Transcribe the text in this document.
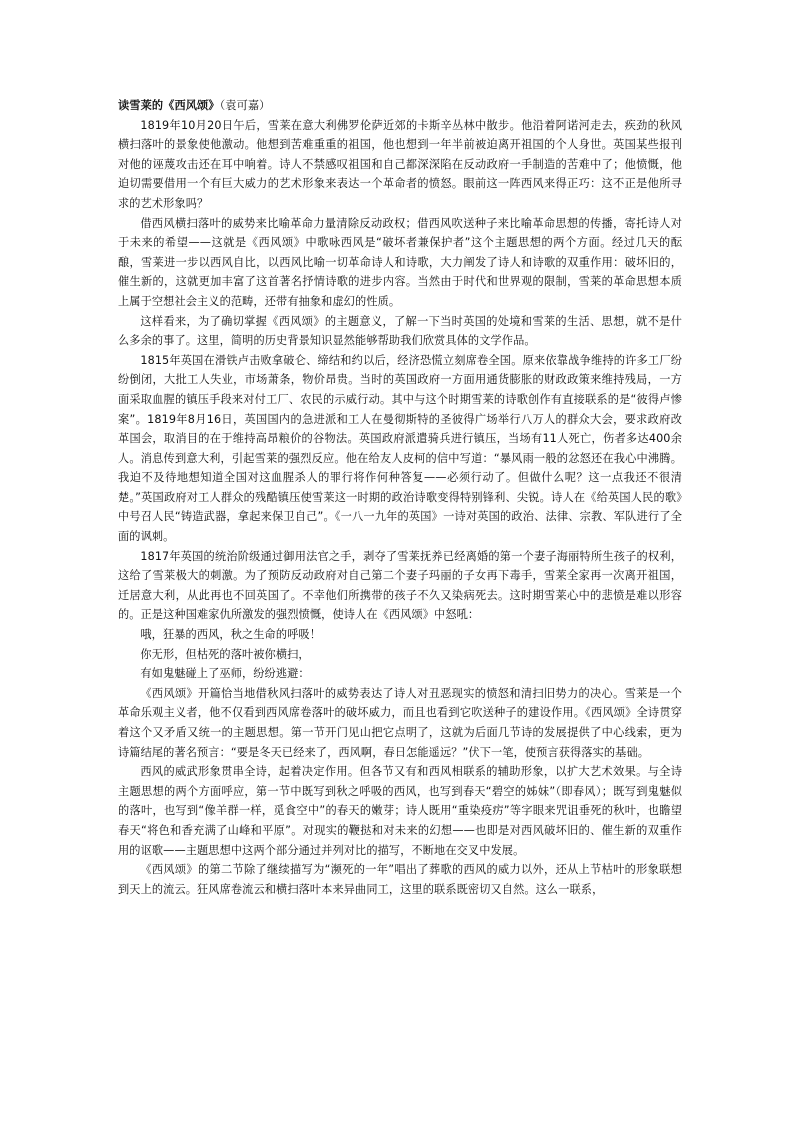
读雪莱的《西风颂》（袁可嘉）

1819年10月20日午后，雪莱在意大利佛罗伦萨近郊的卡斯辛丛林中散步。他沿着阿诺河走去，疾劲的秋风横扫落叶的景象使他激动。他想到苦难重重的祖国，他也想到一年半前被迫离开祖国的个人身世。英国某些报刊对他的诬蔑攻击还在耳中响着。诗人不禁感叹祖国和自己都深深陷在反动政府一手制造的苦难中了；他愤慨，他迫切需要借用一个有巨大威力的艺术形象来表达一个革命者的愤怒。眼前这一阵西风来得正巧：这不正是他所寻求的艺术形象吗？

借西风横扫落叶的威势来比喻革命力量清除反动政权；借西风吹送种子来比喻革命思想的传播，寄托诗人对于未来的希望——这就是《西风颂》中歌咏西风是“破坏者兼保护者”这个主题思想的两个方面。经过几天的酝酿，雪莱进一步以西风自比，以西风比喻一切革命诗人和诗歌，大力阐发了诗人和诗歌的双重作用：破坏旧的，催生新的，这就更加丰富了这首著名抒情诗歌的进步内容。当然由于时代和世界观的限制，雪莱的革命思想本质上属于空想社会主义的范畴，还带有抽象和虚幻的性质。

这样看来，为了确切掌握《西风颂》的主题意义，了解一下当时英国的处境和雪莱的生活、思想，就不是什么多余的事了。这里，简明的历史背景知识显然能够帮助我们欣赏具体的文学作品。

1815年英国在滑铁卢击败拿破仑、缔结和约以后，经济恐慌立刻席卷全国。原来依靠战争维持的许多工厂纷纷倒闭，大批工人失业，市场萧条，物价昂贵。当时的英国政府一方面用通货膨胀的财政政策来维持残局，一方面采取血腥的镇压手段来对付工厂、农民的示威行动。其中与这个时期雪莱的诗歌创作有直接联系的是“彼得卢惨案”。1819年8月16日，英国国内的急进派和工人在曼彻斯特的圣彼得广场举行八万人的群众大会，要求政府改革国会，取消目的在于维持高昂粮价的谷物法。英国政府派遣骑兵进行镇压，当场有11人死亡，伤者多达400余人。消息传到意大利，引起雪莱的强烈反应。他在给友人皮柯的信中写道：“暴风雨一般的忿怒还在我心中沸腾。我迫不及待地想知道全国对这血腥杀人的罪行将作何种答复——必须行动了。但做什么呢？这一点我还不很清楚。”英国政府对工人群众的残酷镇压使雪莱这一时期的政治诗歌变得特别锋利、尖锐。诗人在《给英国人民的歌》中号召人民“铸造武器，拿起来保卫自己”。《一八一九年的英国》一诗对英国的政治、法律、宗教、军队进行了全面的讽刺。

1817年英国的统治阶级通过御用法官之手，剥夺了雪莱抚养已经离婚的第一个妻子海丽特所生孩子的权利，这给了雪莱极大的刺激。为了预防反动政府对自己第二个妻子玛丽的子女再下毒手，雪莱全家再一次离开祖国，迁居意大利，从此再也不回英国了。不幸他们所携带的孩子不久又染病死去。这时期雪莱心中的悲愤是难以形容的。正是这种国难家仇所激发的强烈愤慨，使诗人在《西风颂》中怒吼：

哦，狂暴的西风，秋之生命的呼吸！

你无形，但枯死的落叶被你横扫，

有如鬼魅碰上了巫师，纷纷逃避：

《西风颂》开篇恰当地借秋风扫落叶的威势表达了诗人对丑恶现实的愤怒和清扫旧势力的决心。雪莱是一个革命乐观主义者，他不仅看到西风席卷落叶的破坏威力，而且也看到它吹送种子的建设作用。《西风颂》全诗贯穿着这个又矛盾又统一的主题思想。第一节开门见山把它点明了，这就为后面几节诗的发展提供了中心线索，更为诗篇结尾的著名预言：“要是冬天已经来了，西风啊，春日怎能遥远？”伏下一笔，使预言获得落实的基础。

西风的威武形象贯串全诗，起着决定作用。但各节又有和西风相联系的辅助形象，以扩大艺术效果。与全诗主题思想的两个方面呼应，第一节中既写到秋之呼吸的西风，也写到春天“碧空的姊妹”（即春风）；既写到鬼魅似的落叶，也写到“像羊群一样，觅食空中”的春天的嫩芽；诗人既用“重染疫疠”等字眼来咒诅垂死的秋叶，也瞻望春天“将色和香充满了山峰和平原”。对现实的鞭挞和对未来的幻想——也即是对西风破坏旧的、催生新的双重作用的讴歌——主题思想中这两个部分通过并列对比的描写，不断地在交叉中发展。

《西风颂》的第二节除了继续描写为“濒死的一年”唱出了葬歌的西风的威力以外，还从上节枯叶的形象联想到天上的流云。狂风席卷流云和横扫落叶本来异曲同工，这里的联系既密切又自然。这么一联系，
